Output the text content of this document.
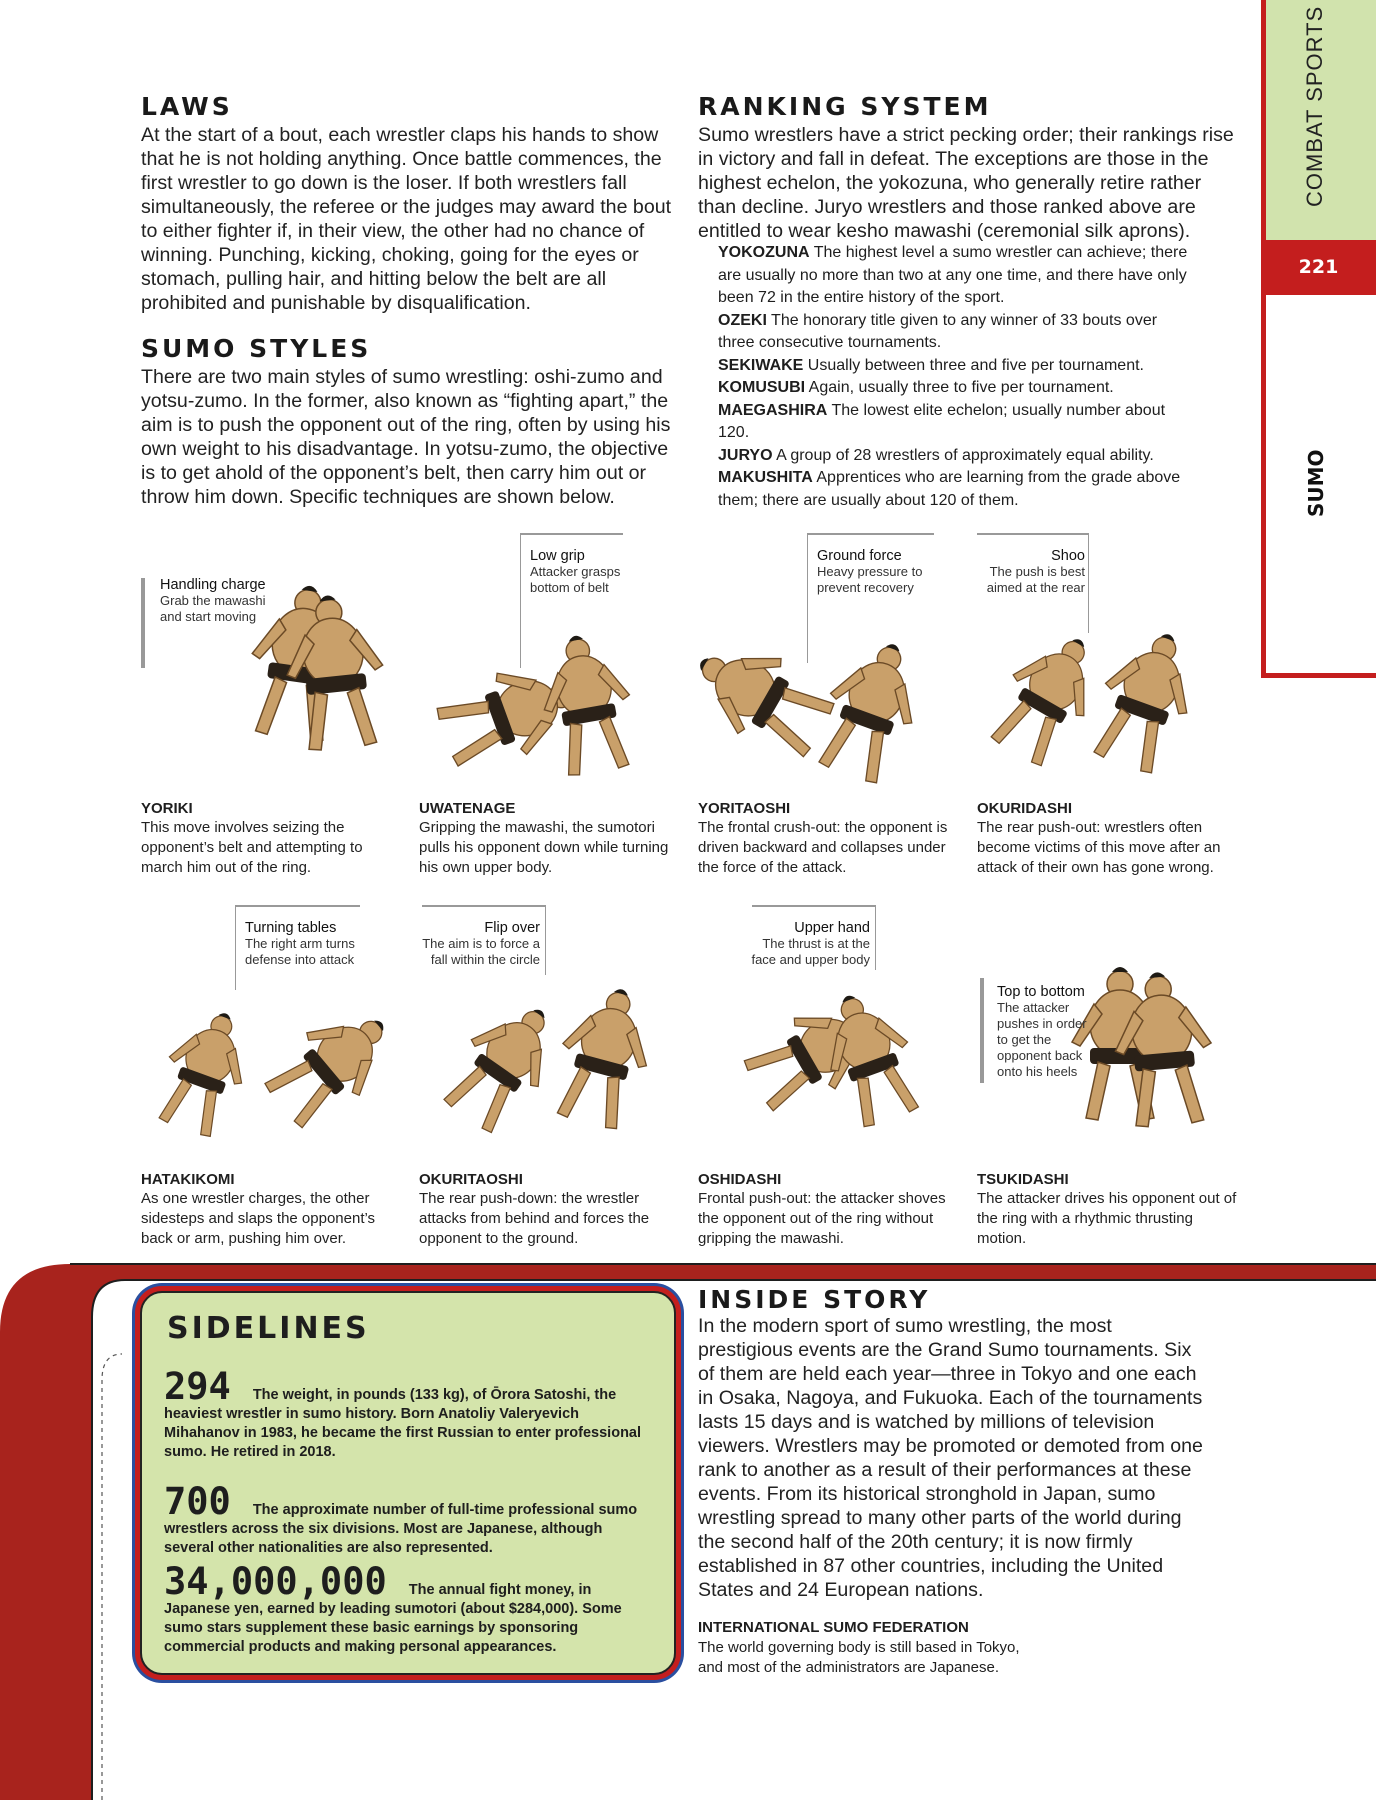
COMBAT SPORTS
221
SUMO
LAWS
At the start of a bout, each wrestler claps his hands to show that he is not holding anything. Once battle commences, the first wrestler to go down is the loser. If both wrestlers fall simultaneously, the referee or the judges may award the bout to either fighter if, in their view, the other had no chance of winning. Punching, kicking, choking, going for the eyes or stomach, pulling hair, and hitting below the belt are all prohibited and punishable by disqualification.
SUMO STYLES
There are two main styles of sumo wrestling: oshi-zumo and yotsu-zumo. In the former, also known as “fighting apart,” the aim is to push the opponent out of the ring, often by using his own weight to his disadvantage. In yotsu-zumo, the objective is to get ahold of the opponent’s belt, then carry him out or throw him down. Specific techniques are shown below.
RANKING SYSTEM
Sumo wrestlers have a strict pecking order; their rankings rise in victory and fall in defeat. The exceptions are those in the highest echelon, the yokozuna, who generally retire rather than decline. Juryo wrestlers and those ranked above are entitled to wear kesho mawashi (ceremonial silk aprons).

YOKOZUNA The highest level a sumo wrestler can achieve; there are usually no more than two at any one time, and there have only been 72 in the entire history of the sport.

OZEKI The honorary title given to any winner of 33 bouts over three consecutive tournaments.

SEKIWAKE Usually between three and five per tournament.

KOMUSUBI Again, usually three to five per tournament.

MAEGASHIRA The lowest elite echelon; usually number about 120.

JURYO A group of 28 wrestlers of approximately equal ability.

MAKUSHITA Apprentices who are learning from the grade above them; there are usually about 120 of them.

Handling charge
Grab the mawashi and start moving
Low grip
Attacker grasps bottom of belt
Ground force
Heavy pressure to prevent recovery
Shoo
The push is best aimed at the rear
Turning tables
The right arm turns defense into attack
Flip over
The aim is to force a fall within the circle
Upper hand
The thrust is at the face and upper body
Top to bottom
The attacker pushes in order to get the opponent back onto his heels
YORIKI
This move involves seizing the opponent’s belt and attempting to march him out of the ring.
UWATENAGE
Gripping the mawashi, the sumotori pulls his opponent down while turning his own upper body.
YORITAOSHI
The frontal crush-out: the opponent is driven backward and collapses under the force of the attack.
OKURIDASHI
The rear push-out: wrestlers often become victims of this move after an attack of their own has gone wrong.
HATAKIKOMI
As one wrestler charges, the other sidesteps and slaps the opponent’s back or arm, pushing him over.
OKURITAOSHI
The rear push-down: the wrestler attacks from behind and forces the opponent to the ground.
OSHIDASHI
Frontal push-out: the attacker shoves the opponent out of the ring without gripping the mawashi.
TSUKIDASHI
The attacker drives his opponent out of the ring with a rhythmic thrusting motion.
SIDELINES
294 The weight, in pounds (133 kg), of Ōrora Satoshi, the heaviest wrestler in sumo history. Born Anatoliy Valeryevich Mihahanov in 1983, he became the first Russian to enter professional sumo. He retired in 2018.
700 The approximate number of full-time professional sumo wrestlers across the six divisions. Most are Japanese, although several other nationalities are also represented.
34,000,000 The annual fight money, in Japanese yen, earned by leading sumotori (about $284,000). Some sumo stars supplement these basic earnings by sponsoring commercial products and making personal appearances.
INSIDE STORY
In the modern sport of sumo wrestling, the most prestigious events are the Grand Sumo tournaments. Six of them are held each year—three in Tokyo and one each in Osaka, Nagoya, and Fukuoka. Each of the tournaments lasts 15 days and is watched by millions of television viewers. Wrestlers may be promoted or demoted from one rank to another as a result of their performances at these events. From its historical stronghold in Japan, sumo wrestling spread to many other parts of the world during the second half of the 20th century; it is now firmly established in 87 other countries, including the United States and 24 European nations.
INTERNATIONAL SUMO FEDERATION
The world governing body is still based in Tokyo, and most of the administrators are Japanese.
